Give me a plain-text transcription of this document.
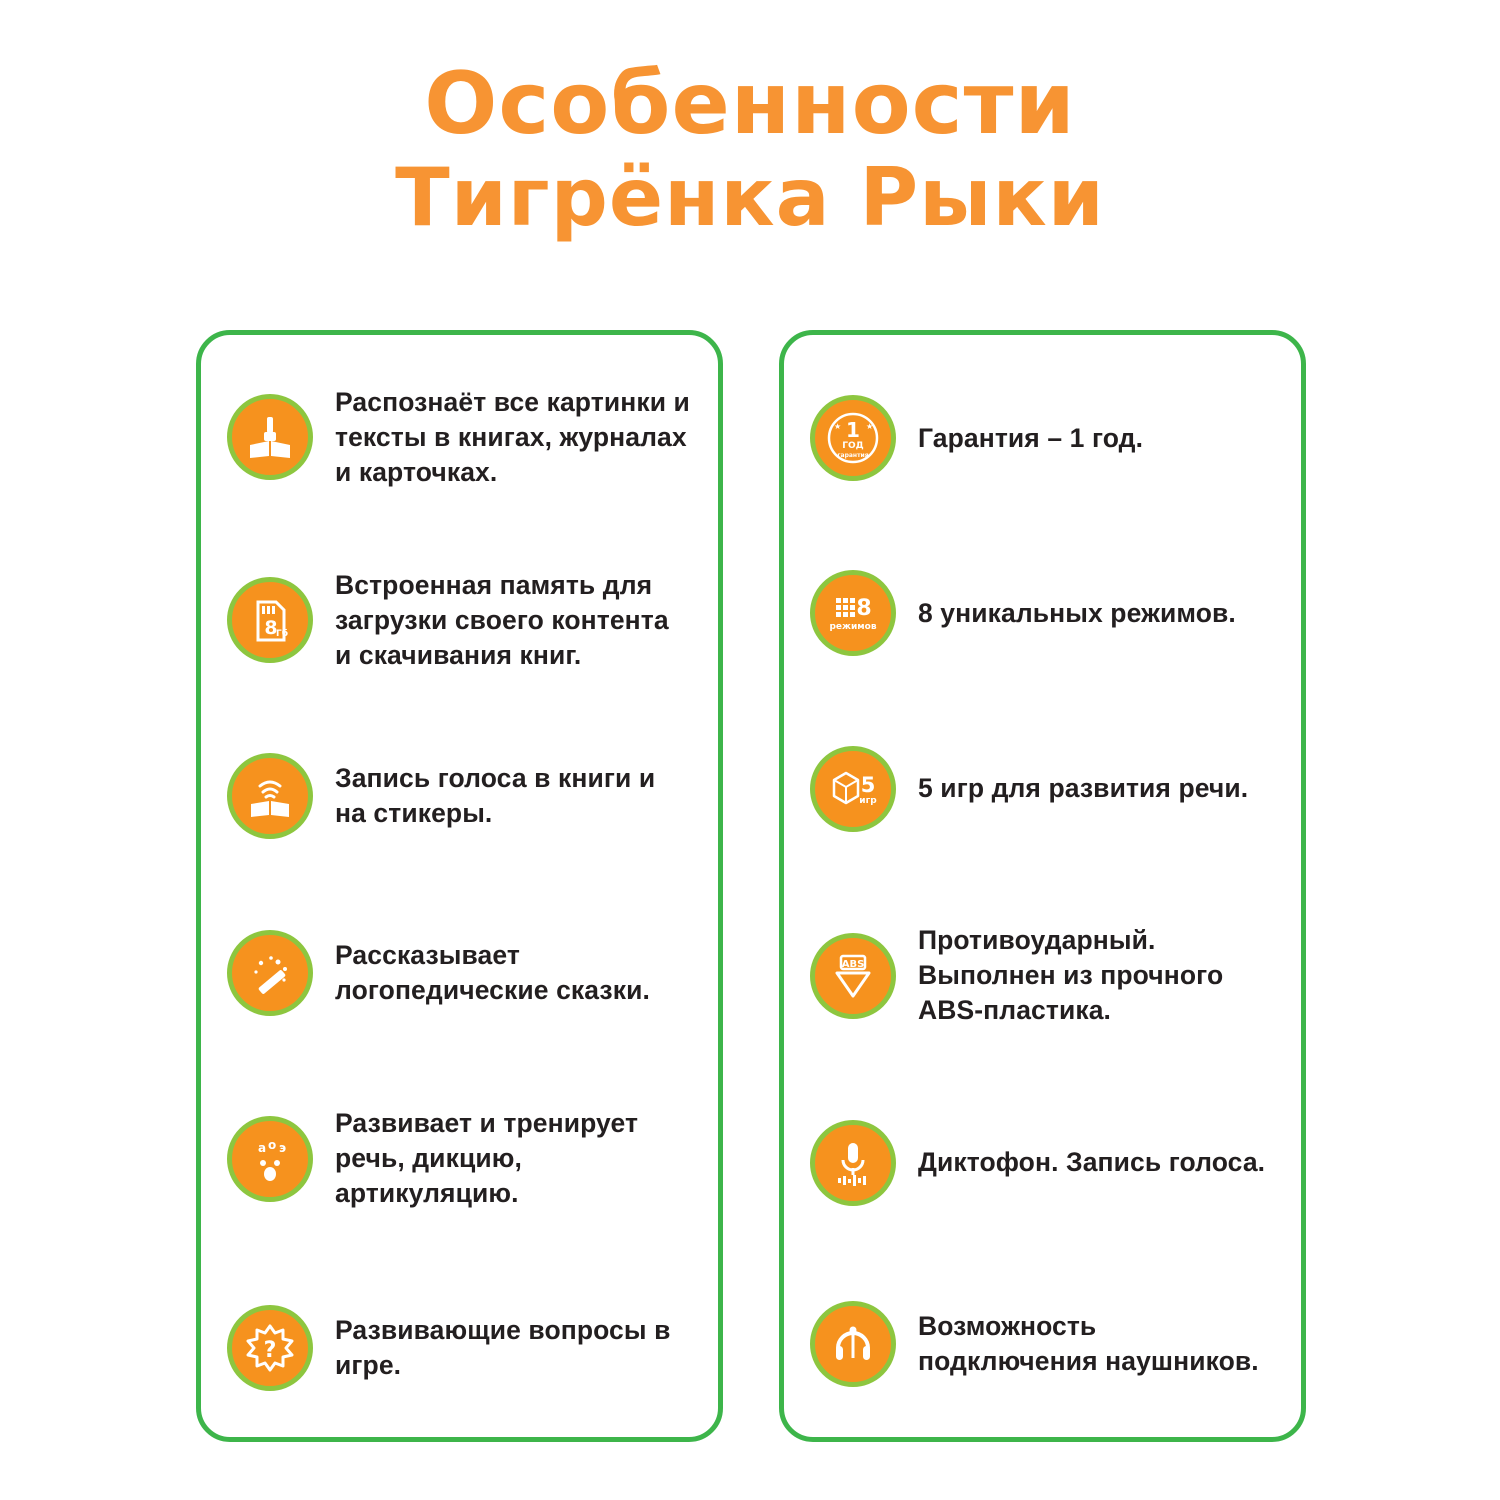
Особенности
Тигрёнка Рыки
Распознаёт все картинки и тексты в книгах, журналах и карточках.
8
Гб
Встроенная память для загрузки своего контента и скачивания книг.
Запись голоса в книги и на стикеры.
Рассказывает логопедические сказки.
а о э
Развивает и тренирует речь, дикцию, артикуляцию.
?
Развивающие вопросы в игре.
1
ГОД
гарантия
★	★ Гарантия – 1 год.
8
режимов 8 уникальных режимов.
5
игр 5 игр для развития речи.
ABS
Противоударный. Выполнен из прочного ABS-пластика.
Диктофон. Запись голоса.
Возможность подключения наушников.
